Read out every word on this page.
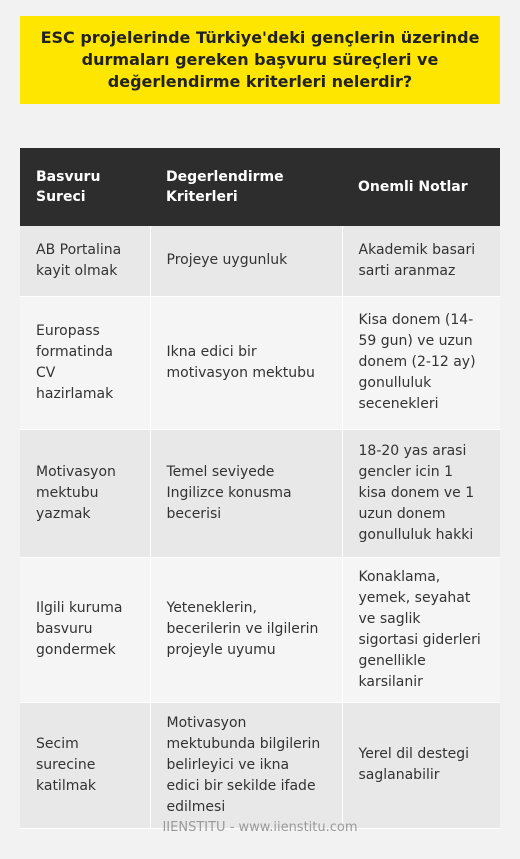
ESC projelerinde Türkiye'deki gençlerin üzerinde durmaları gereken başvuru süreçleri ve değerlendirme kriterleri nelerdir?
Basvuru Sureci	Degerlendirme Kriterleri	Onemli Notlar
AB Portalina kayit olmak	Projeye uygunluk	Akademik basari sarti aranmaz
Europass formatinda CV hazirlamak	Ikna edici bir motivasyon mektubu	Kisa donem (14-59 gun) ve uzun donem (2-12 ay) gonulluluk secenekleri
Motivasyon mektubu yazmak	Temel seviyede Ingilizce konusma becerisi	18-20 yas arasi gencler icin 1 kisa donem ve 1 uzun donem gonulluluk hakki
Ilgili kuruma basvuru gondermek	Yeteneklerin, becerilerin ve ilgilerin projeyle uyumu	Konaklama, yemek, seyahat ve saglik sigortasi giderleri genellikle karsilanir
Secim surecine katilmak	Motivasyon mektubunda bilgilerin belirleyici ve ikna edici bir sekilde ifade edilmesi	Yerel dil destegi saglanabilir
IIENSTITU - www.iienstitu.com
